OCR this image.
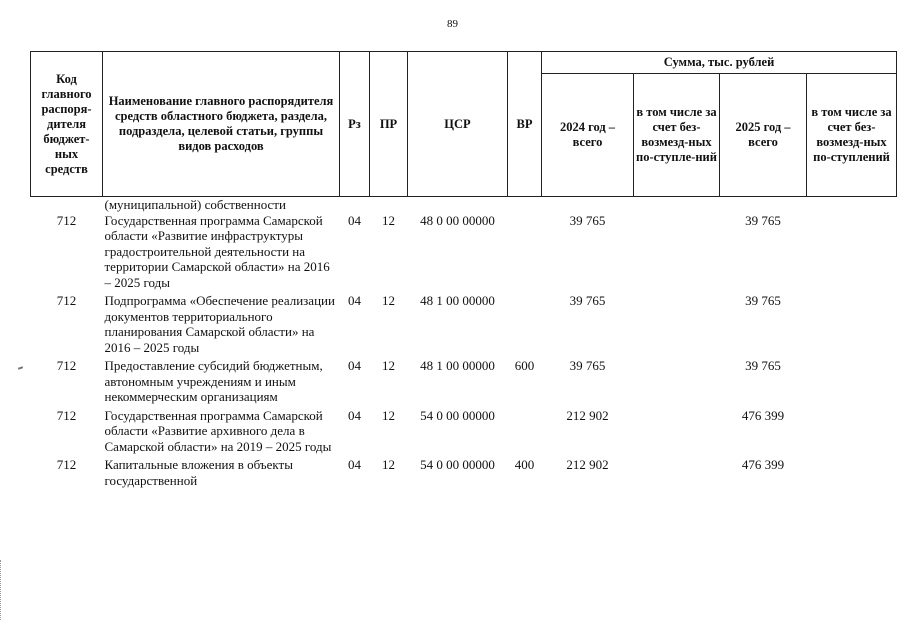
89
Код главного распоря-дителя бюджет-ных средств	Наименование главного распорядителя средств областного бюджета, раздела, подраздела, целевой статьи, группы видов расходов	Рз	ПР	ЦСР	ВР	Сумма, тыс. рублей			
						2024 год – всего	в том числе за счет без-возмезд-ных по-ступле-ний	2025 год – всего	в том числе за счет без-возмезд-ных по-ступлений
712	(муниципальной) собственности Государственная программа Самарской области «Развитие инфраструктуры градостроительной деятельности на территории Самарской области» на 2016 – 2025 годы	04	12	48 0 00 00000		39 765		39 765	
712	Подпрограмма «Обеспечение реализации документов территориального планирования Самарской области» на 2016 – 2025 годы	04	12	48 1 00 00000		39 765		39 765	
712	Предоставление субсидий бюджетным, автономным учреждениям и иным некоммерческим организациям	04	12	48 1 00 00000	600	39 765		39 765	
712	Государственная программа Самарской области «Развитие архивного дела в Самарской области» на 2019 – 2025 годы	04	12	54 0 00 00000		212 902		476 399	
712	Капитальные вложения в объекты государственной	04	12	54 0 00 00000	400	212 902		476 399	
